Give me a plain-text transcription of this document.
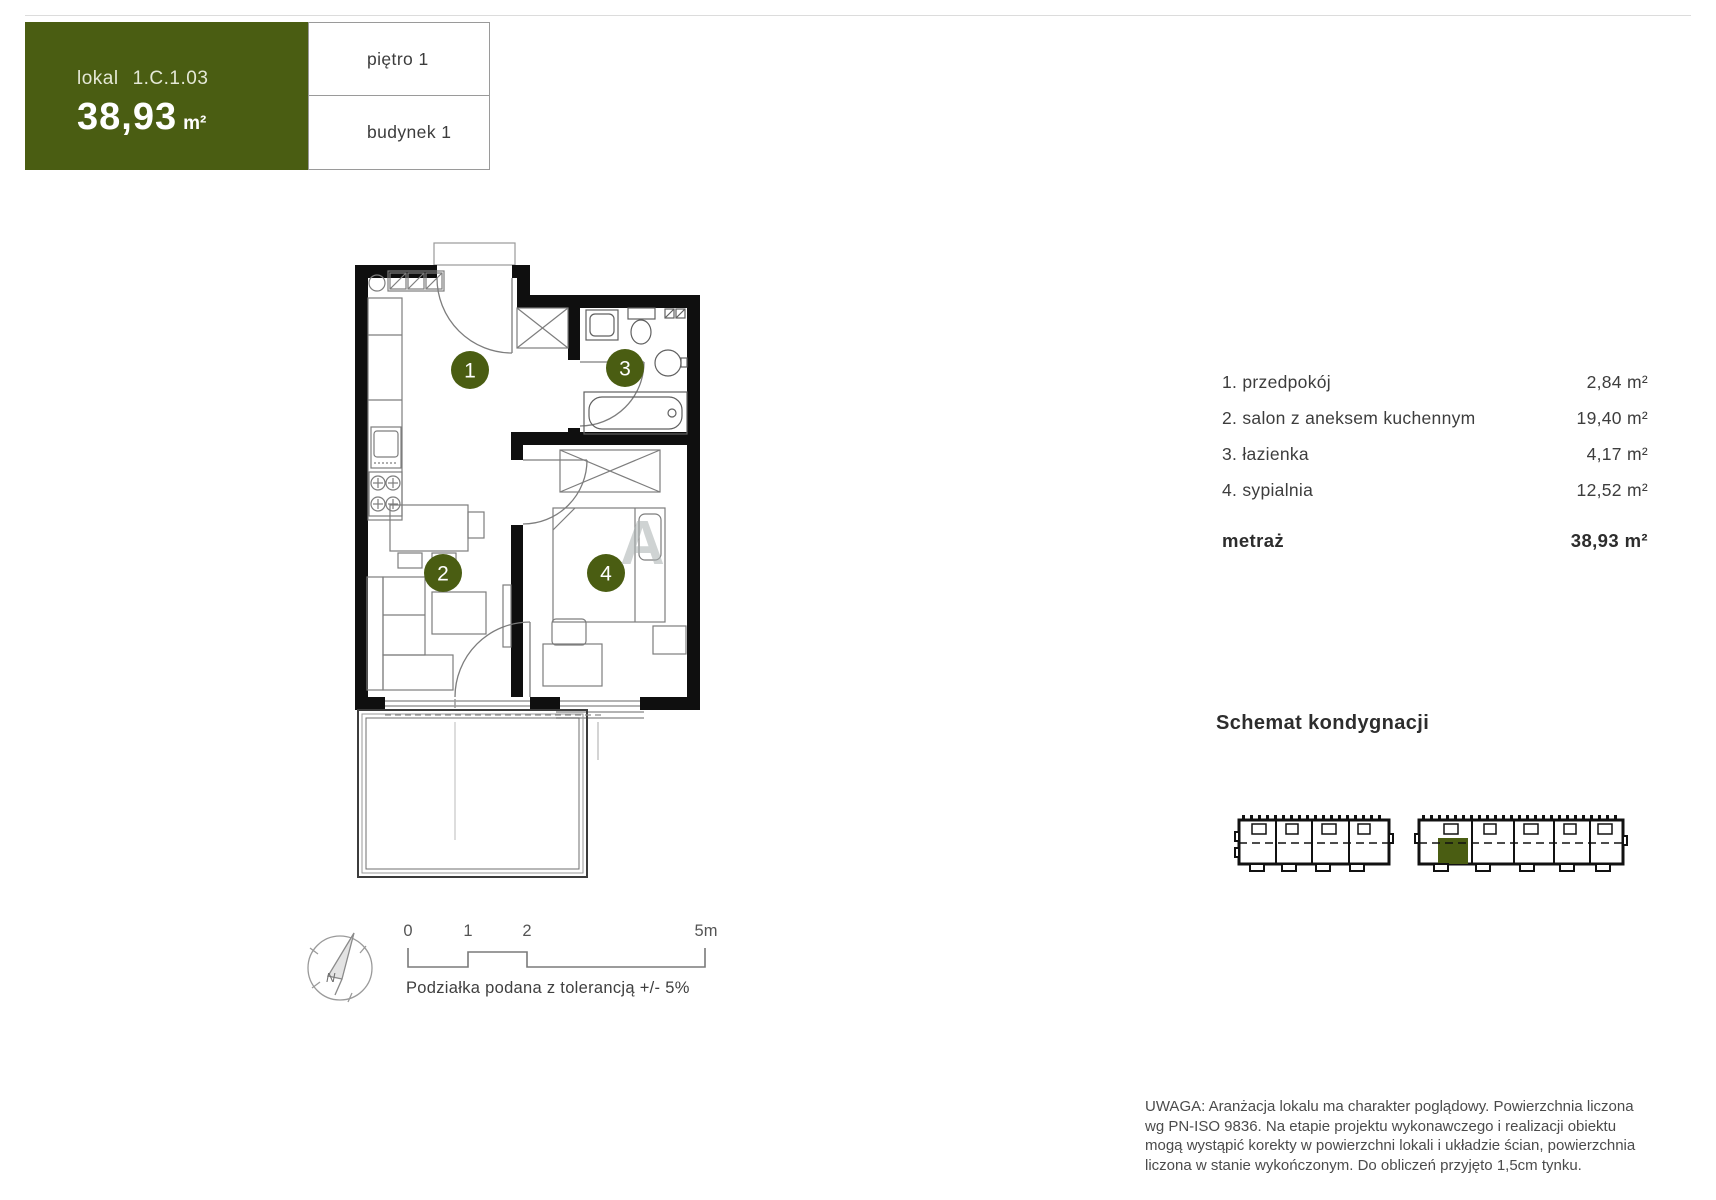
lokal 1.C.1.03
38,93 m²
piętro 1
budynek 1
1
2
3
4 A
N
0	1	2	5m
Podziałka podana z tolerancją +/- 5%
1. przedpokój	2,84 m²
2. salon z aneksem kuchennym	19,40 m²
3. łazienka	4,17 m²
4. sypialnia	12,52 m²
metraż	38,93 m²
Schemat kondygnacji
UWAGA: Aranżacja lokalu ma charakter poglądowy. Powierzchnia liczona
wg PN-ISO 9836. Na etapie projektu wykonawczego i realizacji obiektu
mogą wystąpić korekty w powierzchni lokali i układzie ścian, powierzchnia
liczona w stanie wykończonym. Do obliczeń przyjęto 1,5cm tynku.
